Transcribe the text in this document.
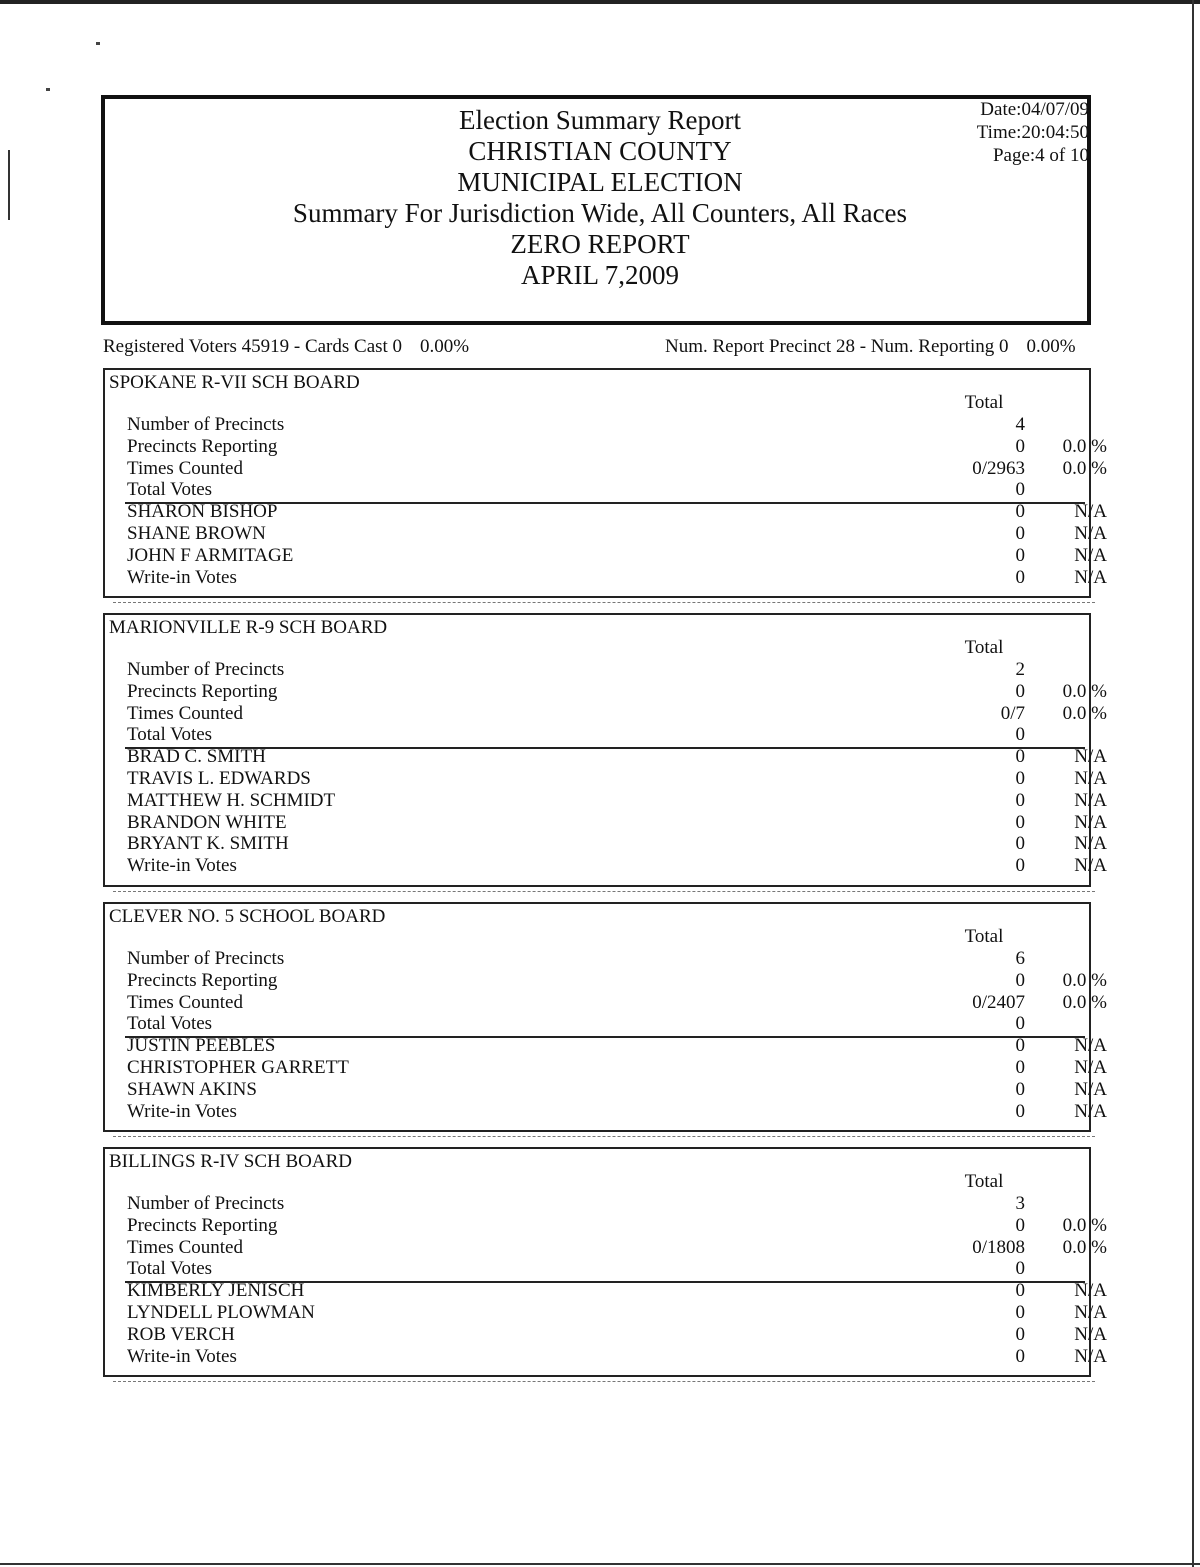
Election Summary Report
CHRISTIAN COUNTY
MUNICIPAL ELECTION
Summary For Jurisdiction Wide, All Counters, All Races
ZERO REPORT
APRIL 7,2009
Date:04/07/09
Time:20:04:50
Page:4 of 10
Registered Voters 45919 - Cards Cast 0 0.00%	Num. Report Precinct 28 - Num. Reporting 0 0.00%
SPOKANE R-VII SCH BOARD
Total
Number of Precincts	4
Precincts Reporting	0	0.0 %
Times Counted	0/2963	0.0 %
Total Votes	0
SHARON BISHOP	0	N/A
SHANE BROWN	0	N/A
JOHN F ARMITAGE	0	N/A
Write-in Votes	0	N/A
MARIONVILLE R-9 SCH BOARD
Total
Number of Precincts	2
Precincts Reporting	0	0.0 %
Times Counted	0/7	0.0 %
Total Votes	0
BRAD C. SMITH	0	N/A
TRAVIS L. EDWARDS	0	N/A
MATTHEW H. SCHMIDT	0	N/A
BRANDON WHITE	0	N/A
BRYANT K. SMITH	0	N/A
Write-in Votes	0	N/A
CLEVER NO. 5 SCHOOL BOARD
Total
Number of Precincts	6
Precincts Reporting	0	0.0 %
Times Counted	0/2407	0.0 %
Total Votes	0
JUSTIN PEEBLES	0	N/A
CHRISTOPHER GARRETT	0	N/A
SHAWN AKINS	0	N/A
Write-in Votes	0	N/A
BILLINGS R-IV SCH BOARD
Total
Number of Precincts	3
Precincts Reporting	0	0.0 %
Times Counted	0/1808	0.0 %
Total Votes	0
KIMBERLY JENISCH	0	N/A
LYNDELL PLOWMAN	0	N/A
ROB VERCH	0	N/A
Write-in Votes	0	N/A
